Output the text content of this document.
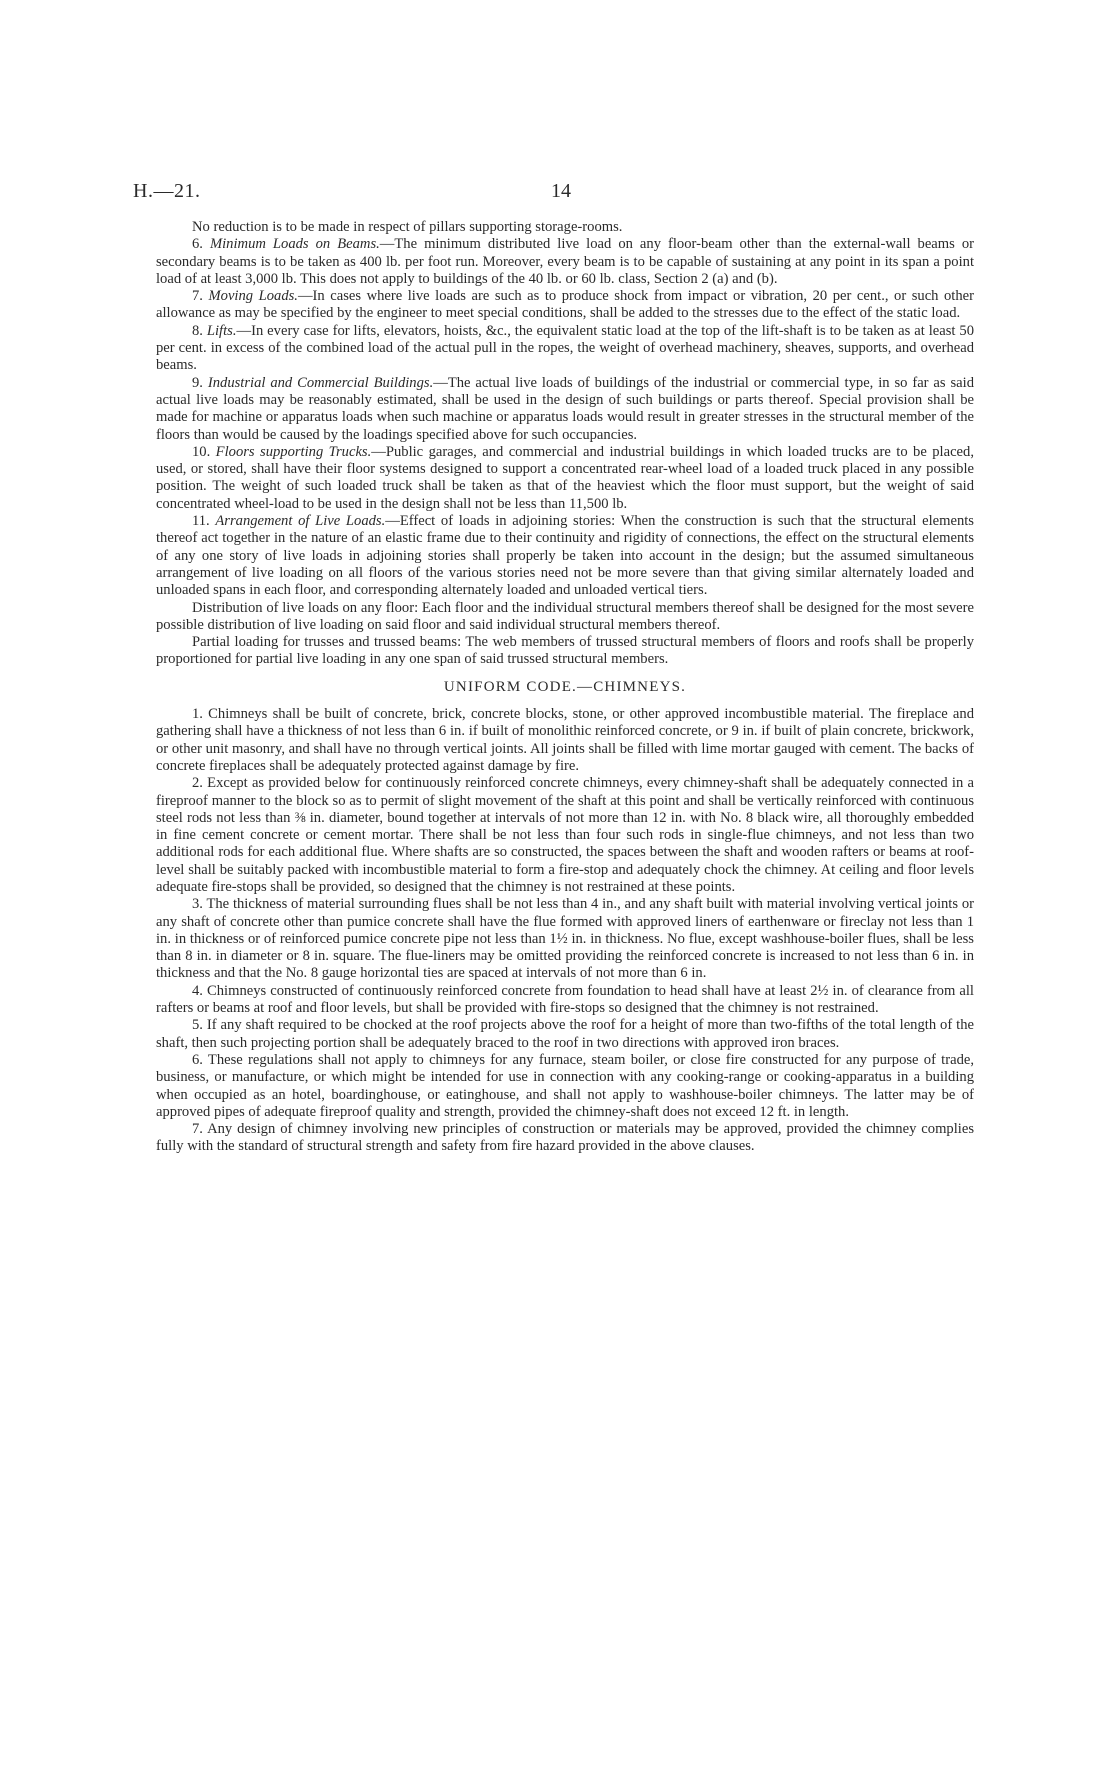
H.—21.	14

No reduction is to be made in respect of pillars supporting storage-rooms.

6. Minimum Loads on Beams.—The minimum distributed live load on any floor-beam other than the external-wall beams or secondary beams is to be taken as 400 lb. per foot run. Moreover, every beam is to be capable of sustaining at any point in its span a point load of at least 3,000 lb. This does not apply to buildings of the 40 lb. or 60 lb. class, Section 2 (a) and (b).

7. Moving Loads.—In cases where live loads are such as to produce shock from impact or vibration, 20 per cent., or such other allowance as may be specified by the engineer to meet special conditions, shall be added to the stresses due to the effect of the static load.

8. Lifts.—In every case for lifts, elevators, hoists, &c., the equivalent static load at the top of the lift-shaft is to be taken as at least 50 per cent. in excess of the combined load of the actual pull in the ropes, the weight of overhead machinery, sheaves, supports, and overhead beams.

9. Industrial and Commercial Buildings.—The actual live loads of buildings of the industrial or commercial type, in so far as said actual live loads may be reasonably estimated, shall be used in the design of such buildings or parts thereof. Special provision shall be made for machine or apparatus loads when such machine or apparatus loads would result in greater stresses in the structural member of the floors than would be caused by the loadings specified above for such occupancies.

10. Floors supporting Trucks.—Public garages, and commercial and industrial buildings in which loaded trucks are to be placed, used, or stored, shall have their floor systems designed to support a concentrated rear-wheel load of a loaded truck placed in any possible position. The weight of such loaded truck shall be taken as that of the heaviest which the floor must support, but the weight of said concentrated wheel-load to be used in the design shall not be less than 11,500 lb.

11. Arrangement of Live Loads.—Effect of loads in adjoining stories: When the construction is such that the structural elements thereof act together in the nature of an elastic frame due to their continuity and rigidity of connections, the effect on the structural elements of any one story of live loads in adjoining stories shall properly be taken into account in the design; but the assumed simultaneous arrangement of live loading on all floors of the various stories need not be more severe than that giving similar alternately loaded and unloaded spans in each floor, and corresponding alternately loaded and unloaded vertical tiers.

Distribution of live loads on any floor: Each floor and the individual structural members thereof shall be designed for the most severe possible distribution of live loading on said floor and said individual structural members thereof.

Partial loading for trusses and trussed beams: The web members of trussed structural members of floors and roofs shall be properly proportioned for partial live loading in any one span of said trussed structural members.

UNIFORM CODE.—CHIMNEYS.

1. Chimneys shall be built of concrete, brick, concrete blocks, stone, or other approved incombustible material. The fireplace and gathering shall have a thickness of not less than 6 in. if built of monolithic reinforced concrete, or 9 in. if built of plain concrete, brickwork, or other unit masonry, and shall have no through vertical joints. All joints shall be filled with lime mortar gauged with cement. The backs of concrete fireplaces shall be adequately protected against damage by fire.

2. Except as provided below for continuously reinforced concrete chimneys, every chimney-shaft shall be adequately connected in a fireproof manner to the block so as to permit of slight movement of the shaft at this point and shall be vertically reinforced with continuous steel rods not less than ⅜ in. diameter, bound together at intervals of not more than 12 in. with No. 8 black wire, all thoroughly embedded in fine cement concrete or cement mortar. There shall be not less than four such rods in single-flue chimneys, and not less than two additional rods for each additional flue. Where shafts are so constructed, the spaces between the shaft and wooden rafters or beams at roof-level shall be suitably packed with incombustible material to form a fire-stop and adequately chock the chimney. At ceiling and floor levels adequate fire-stops shall be provided, so designed that the chimney is not restrained at these points.

3. The thickness of material surrounding flues shall be not less than 4 in., and any shaft built with material involving vertical joints or any shaft of concrete other than pumice concrete shall have the flue formed with approved liners of earthenware or fireclay not less than 1 in. in thickness or of reinforced pumice concrete pipe not less than 1½ in. in thickness. No flue, except washhouse-boiler flues, shall be less than 8 in. in diameter or 8 in. square. The flue-liners may be omitted providing the reinforced concrete is increased to not less than 6 in. in thickness and that the No. 8 gauge horizontal ties are spaced at intervals of not more than 6 in.

4. Chimneys constructed of continuously reinforced concrete from foundation to head shall have at least 2½ in. of clearance from all rafters or beams at roof and floor levels, but shall be provided with fire-stops so designed that the chimney is not restrained.

5. If any shaft required to be chocked at the roof projects above the roof for a height of more than two-fifths of the total length of the shaft, then such projecting portion shall be adequately braced to the roof in two directions with approved iron braces.

6. These regulations shall not apply to chimneys for any furnace, steam boiler, or close fire constructed for any purpose of trade, business, or manufacture, or which might be intended for use in connection with any cooking-range or cooking-apparatus in a building when occupied as an hotel, boardinghouse, or eatinghouse, and shall not apply to washhouse-boiler chimneys. The latter may be of approved pipes of adequate fireproof quality and strength, provided the chimney-shaft does not exceed 12 ft. in length.

7. Any design of chimney involving new principles of construction or materials may be approved, provided the chimney complies fully with the standard of structural strength and safety from fire hazard provided in the above clauses.
